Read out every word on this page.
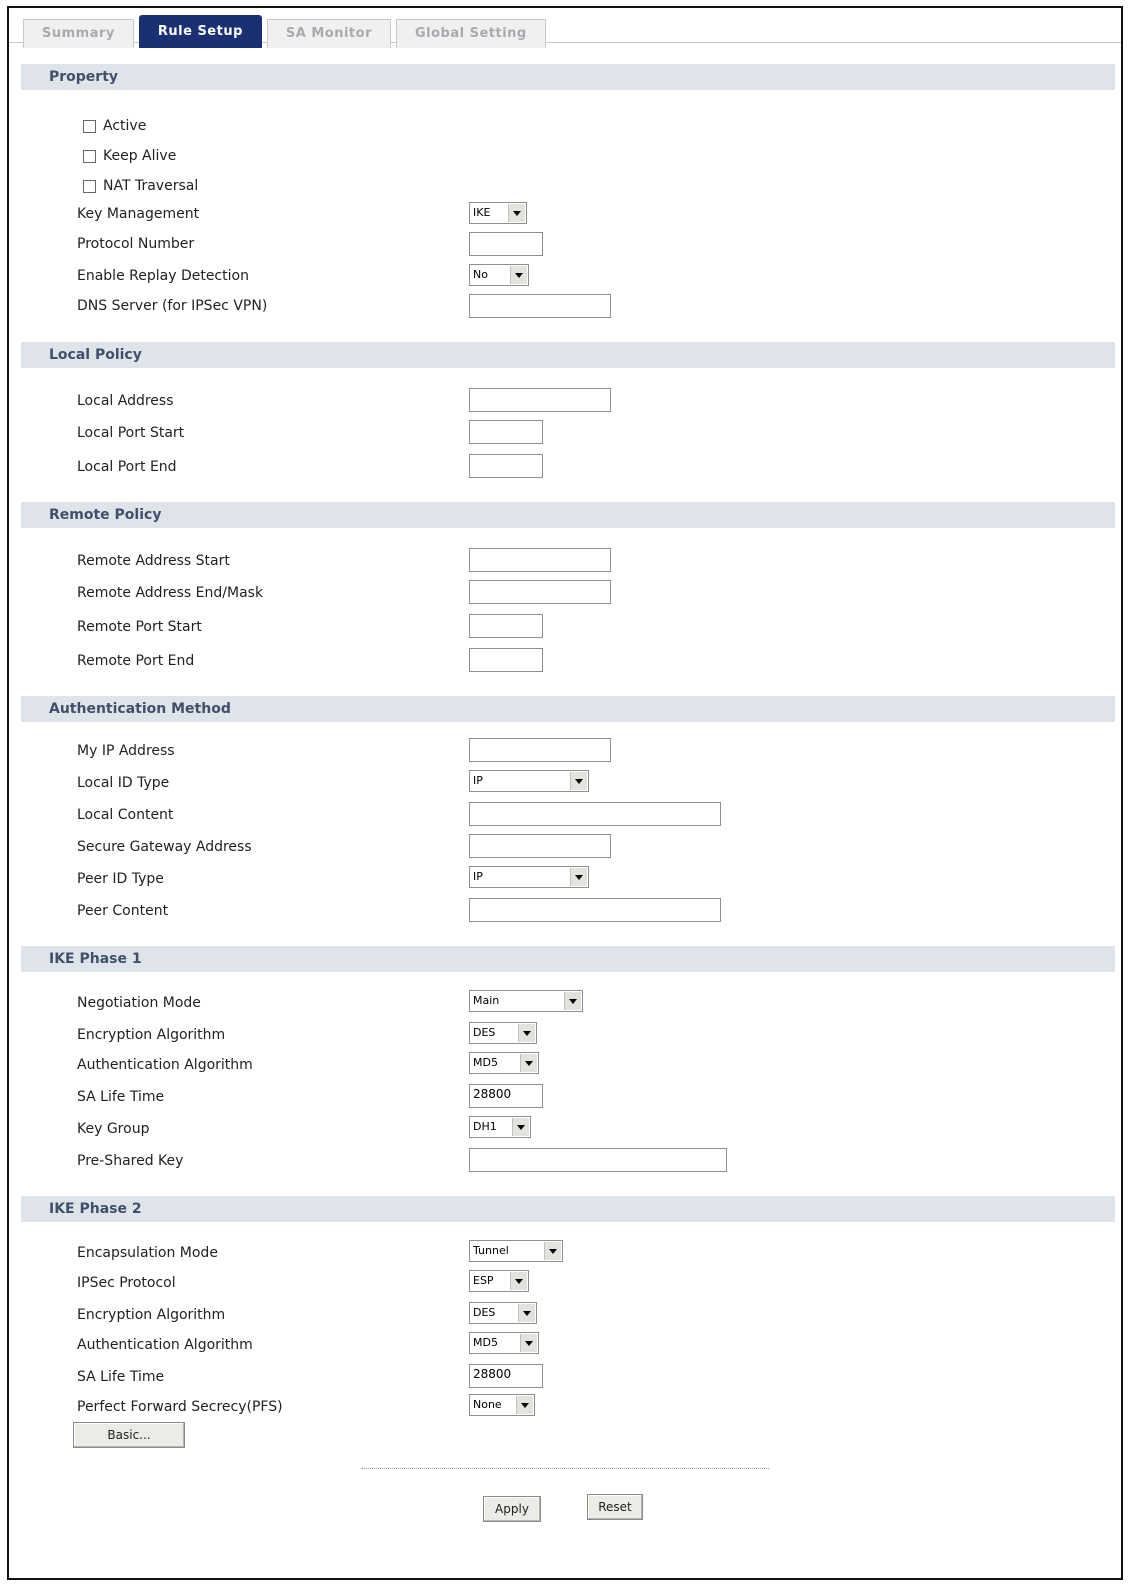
Summary	Rule Setup	SA Monitor	Global Setting
Property
Active
Keep Alive
NAT Traversal
Key Management	IKE
Protocol Number
Enable Replay Detection	No
DNS Server (for IPSec VPN)
Local Policy
Local Address
Local Port Start
Local Port End
Remote Policy
Remote Address Start
Remote Address End/Mask
Remote Port Start
Remote Port End
Authentication Method
My IP Address
Local ID Type	IP
Local Content
Secure Gateway Address
Peer ID Type	IP
Peer Content
IKE Phase 1
Negotiation Mode	Main
Encryption Algorithm	DES
Authentication Algorithm	MD5
SA Life Time	28800
Key Group	DH1
Pre-Shared Key
IKE Phase 2
Encapsulation Mode	Tunnel
IPSec Protocol	ESP
Encryption Algorithm	DES
Authentication Algorithm	MD5
SA Life Time	28800
Perfect Forward Secrecy(PFS)	None
Basic...
Apply	Reset
